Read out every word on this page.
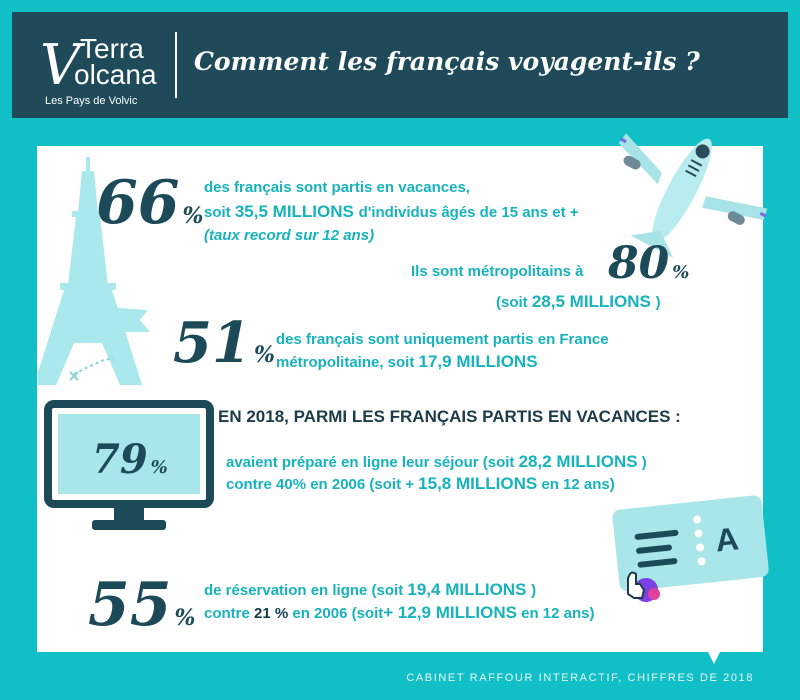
V Terra
olcana
Les Pays de Volvic
Comment les français voyagent-ils ?
66 %
des français sont partis en vacances,
soit 35,5 MILLIONS d'individus âgés de 15 ans et +
(taux record sur 12 ans)
Ils sont métropolitains à 80 %
(soit 28,5 MILLIONS )
51 %
des français sont uniquement partis en France
métropolitaine, soit 17,9 MILLIONS
79 %
EN 2018, PARMI LES FRANÇAIS PARTIS EN VACANCES :
avaient préparé en ligne leur séjour (soit 28,2 MILLIONS )
contre 40% en 2006 (soit + 15,8 MILLIONS en 12 ans)
A
55 %
de réservation en ligne (soit 19,4 MILLIONS )
contre 21 % en 2006 (soit+ 12,9 MILLIONS en 12 ans)
CABINET RAFFOUR INTERACTIF, CHIFFRES DE 2018
